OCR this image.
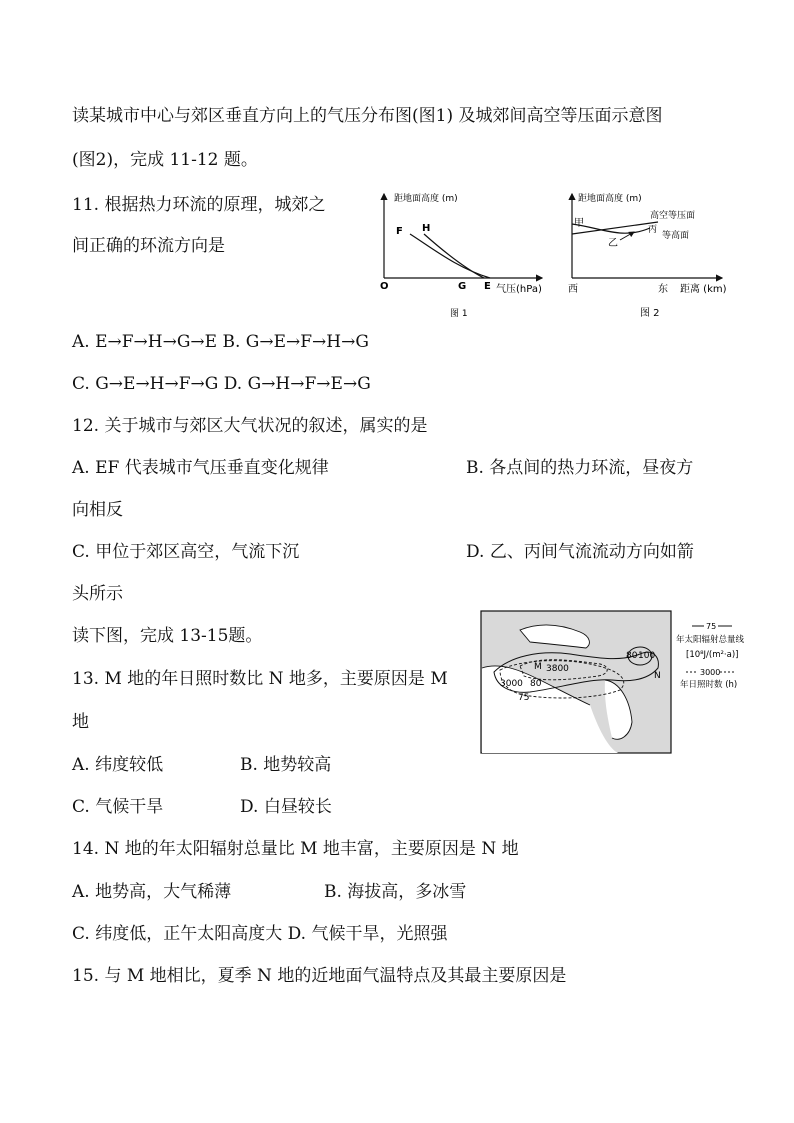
读某城市中心与郊区垂直方向上的气压分布图(图1) 及城郊间高空等压面示意图
(图2)，完成 11-12 题。
11. 根据热力环流的原理，城郊之
间正确的环流方向是
距地面高度 (m)
F H
O	G E 气压(hPa)
图 1
距地面高度 (m)
甲
高空等压面
丙
乙
等高面
西	东 距离 (km)
图 2
A. E→F→H→G→E B. G→E→F→H→G
C. G→E→H→F→G D. G→H→F→E→G
12. 关于城市与郊区大气状况的叙述，属实的是
A. EF 代表城市气压垂直变化规律	B. 各点间的热力环流，昼夜方
向相反
C. 甲位于郊区高空，气流下沉	D. 乙、丙间气流流动方向如箭
头所示
读下图，完成 13-15题。
M 3800
3000 80
75
80 100
N
75
年太阳辐射总量线
[10⁸J/(m²·a)]
3000
年日照时数 (h)
13. M 地的年日照时数比 N 地多，主要原因是 M
地
A. 纬度较低	B. 地势较高
C. 气候干旱	D. 白昼较长
14. N 地的年太阳辐射总量比 M 地丰富，主要原因是 N 地
A. 地势高，大气稀薄	B. 海拔高，多冰雪
C. 纬度低，正午太阳高度大 D. 气候干旱，光照强
15. 与 M 地相比，夏季 N 地的近地面气温特点及其最主要原因是
